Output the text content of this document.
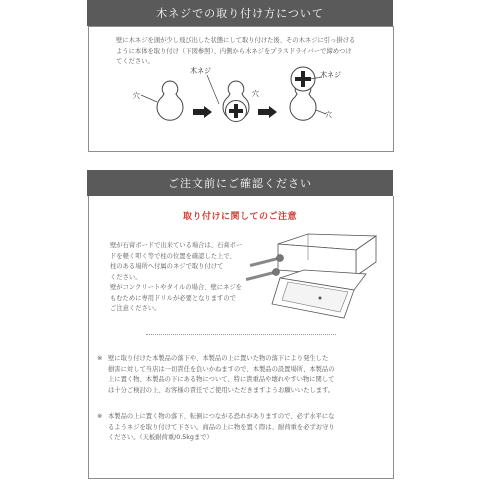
木ネジでの取り付け方について
壁に木ネジを頭が少し飛び出した状態にして取り付けた後、その木ネジに引っ掛ける
ように本体を取り付け（下図参照）、内側から木ネジをプラスドライバーで締めつけ
てください。
穴
木ネジ
穴
木ネジ
穴
ご注文前にご確認ください
取り付けに関してのご注意
壁が石膏ボードで出来ている場合は、石膏ボー
ドを軽く叩く等で柱の位置を確認した上で、
柱のある場所へ付属のネジで取り付けて
ください。
壁がコンクリートやタイルの場合、壁にネジを
もむために専用ドリルが必要となりますので
ご注意ください。
※ 壁に取り付けた本製品の落下や、本製品の上に置いた物の落下により発生した
損害に対して当店は一切責任を負いかねますので、本製品の設置場所、本製品の
上に置く物、本製品の下にある物について、特に貴重品や壊れやすい物に関して
は十分ご検討の上、お客様の責任でご使用いただきますようお願いいたします。
※ 本製品の上に置く物の落下、転倒につながる恐れがありますので、必ず水平にな
るようネジを取り付けて下さい。商品の上に物を置く際は、耐荷重を必ずお守り
ください。（天板耐荷重/0.5kgまで）
